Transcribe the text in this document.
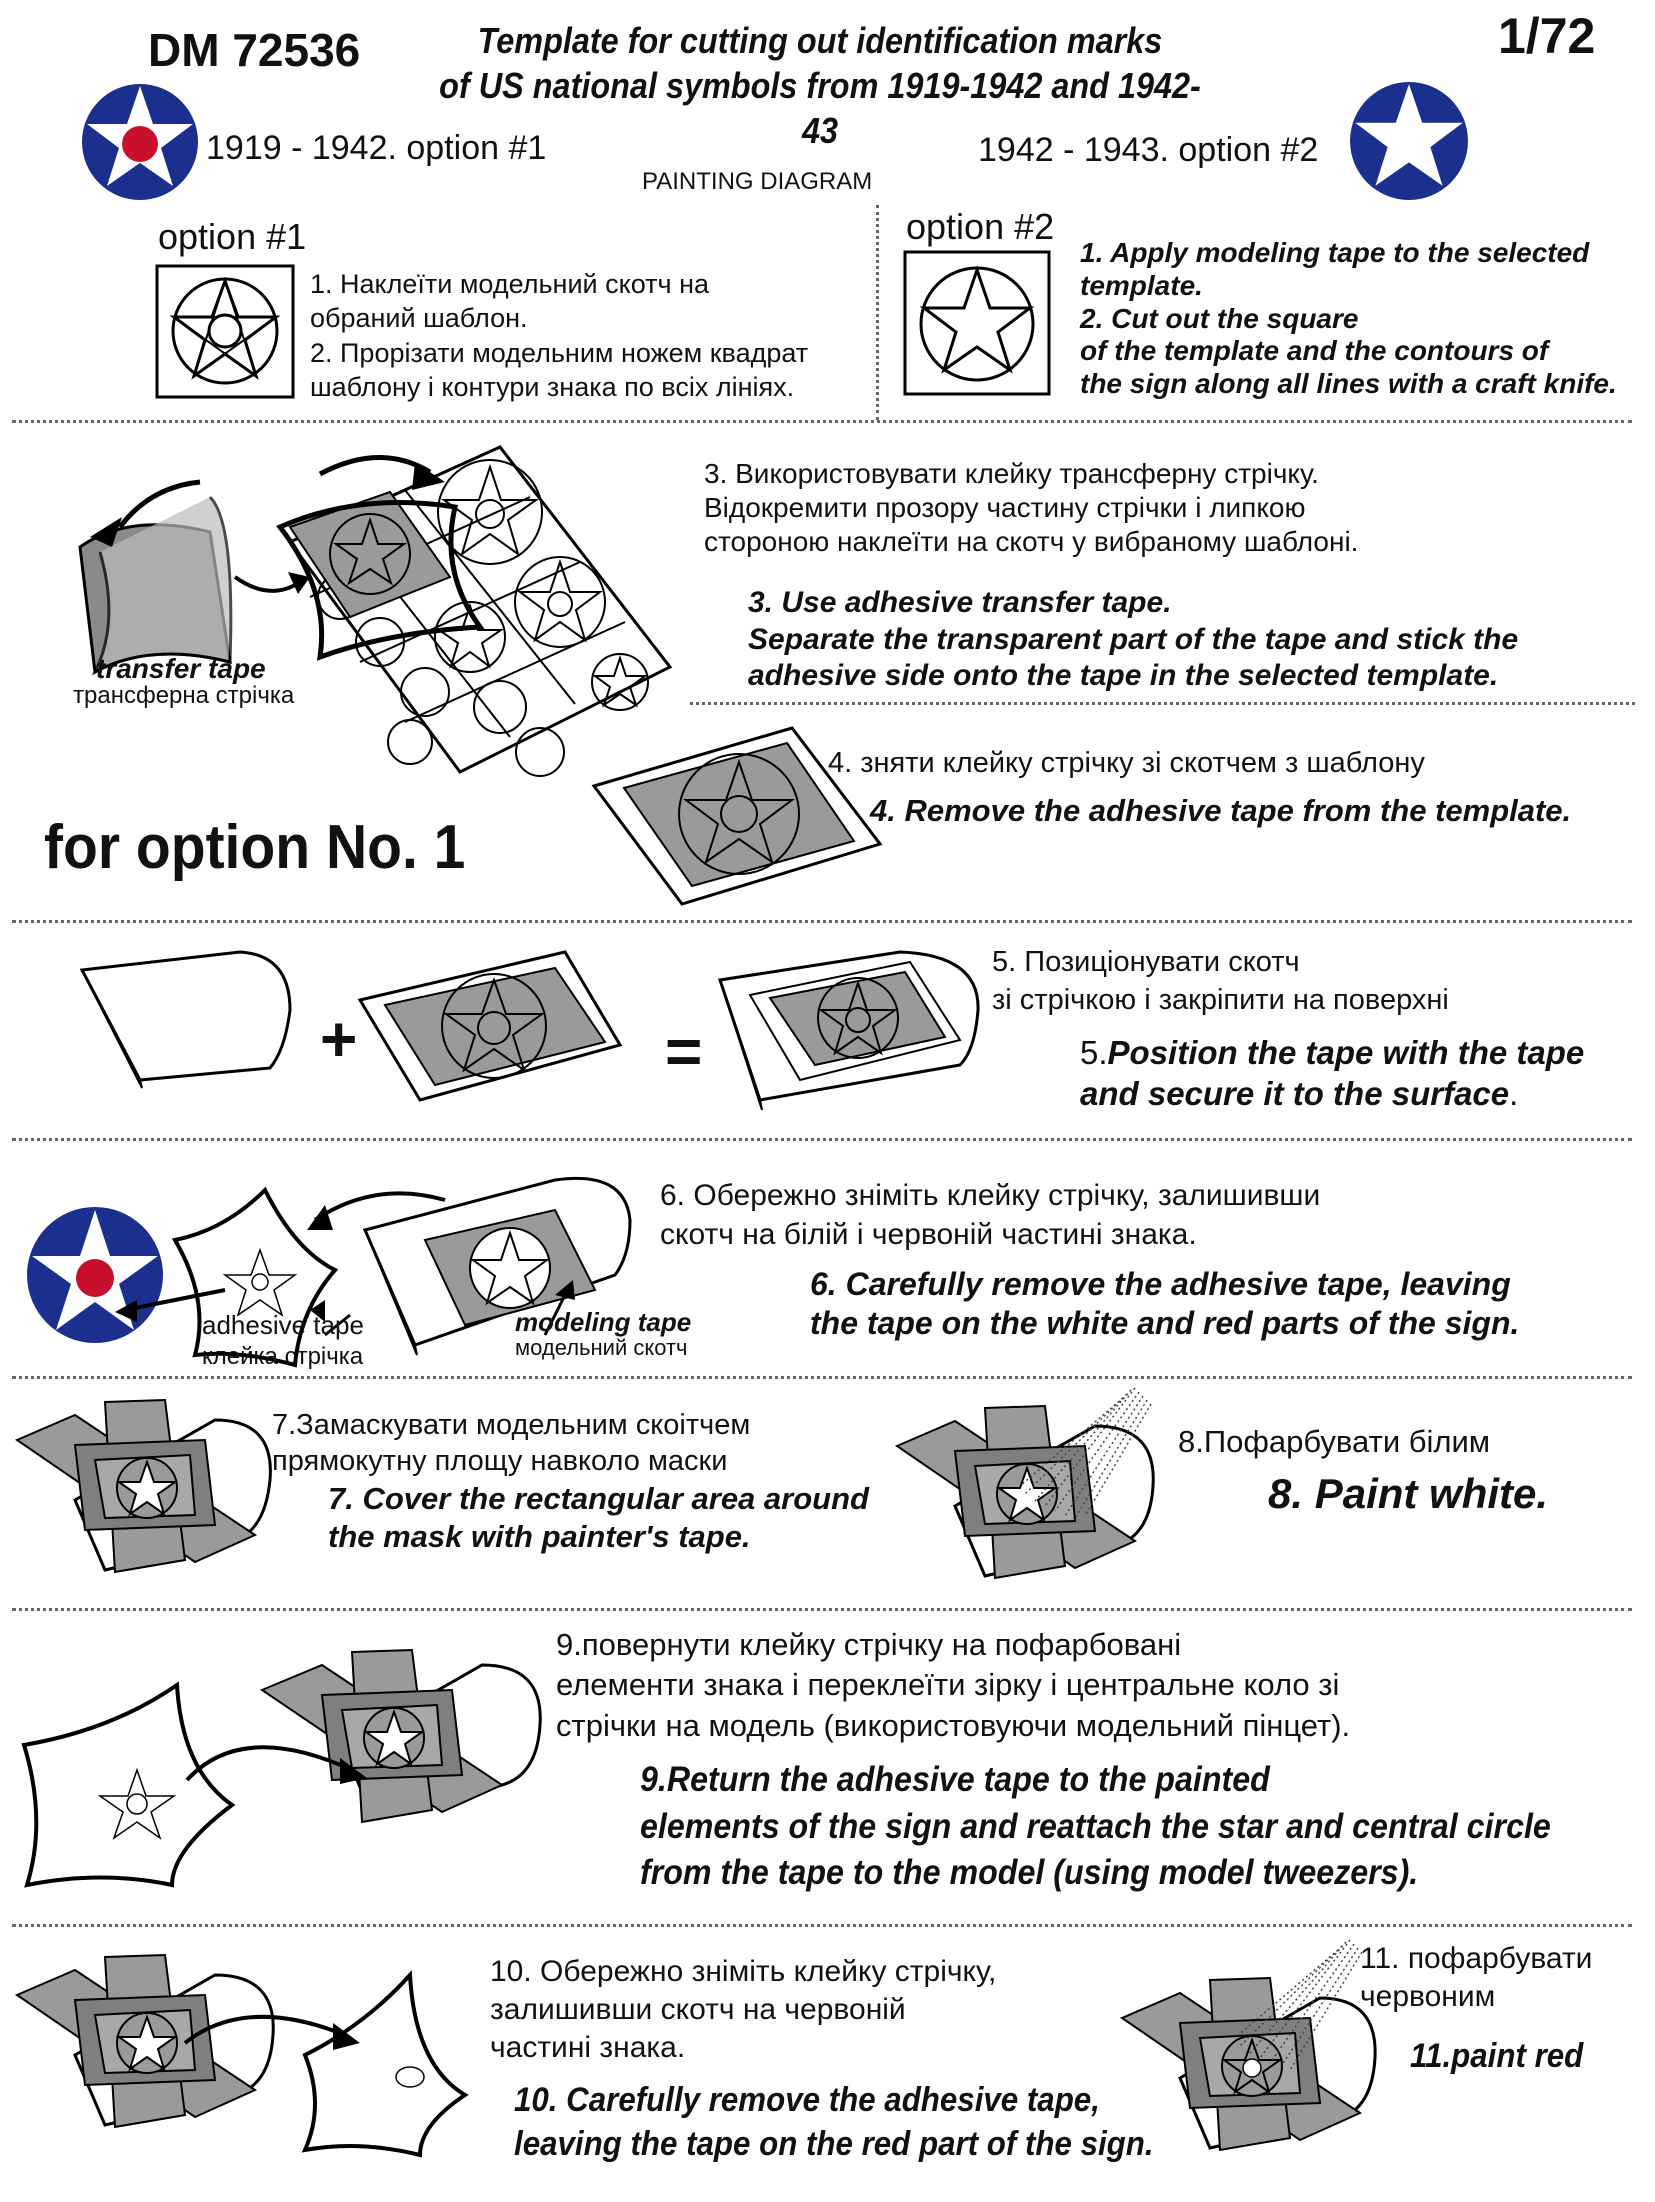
DM 72536	Template for cutting out identification marks
of US national symbols from 1919-1942 and 1942-43
1/72
1919 - 1942. option #1	1942 - 1943. option #2
PAINTING DIAGRAM
option #1
1. Наклеїти модельний скотч на
обраний шаблон.
2. Прорізати модельним ножем квадрат
шаблону і контури знака по всіх лініях.
option #2
1. Apply modeling tape to the selected
template.
2. Cut out the square
of the template and the contours of
the sign along all lines with a craft knife.
transfer tape
трансферна стрічка
3. Використовувати клейку трансферну стрічку.
Відокремити прозору частину стрічки і липкою
стороною наклеїти на скотч у вибраному шаблоні.
3. Use adhesive transfer tape.
Separate the transparent part of the tape and stick the
adhesive side onto the tape in the selected template.
4. зняти клейку стрічку зі скотчем з шаблону
4. Remove the adhesive tape from the template.
for option No. 1
+	=
5. Позиціонувати скотч
зі стрічкою і закріпити на поверхні
5.Position the tape with the tape
and secure it to the surface.
adhesive tape
клейка стрічка
modeling tape
модельний скотч
6. Обережно зніміть клейку стрічку, залишивши
скотч на білій і червоній частині знака.
6. Carefully remove the adhesive tape, leaving
the tape on the white and red parts of the sign.
7.Замаскувати модельним скоітчем
прямокутну площу навколо маски
7. Cover the rectangular area around
the mask with painter's tape.
8.Пофарбувати білим
8. Paint white.
9.повернути клейку стрічку на пофарбовані
елементи знака і переклеїти зірку і центральне коло зі
стрічки на модель (використовуючи модельний пінцет).
9.Return the adhesive tape to the painted
elements of the sign and reattach the star and central circle
from the tape to the model (using model tweezers).
10. Обережно зніміть клейку стрічку,
залишивши скотч на червоній
частині знака.
10. Carefully remove the adhesive tape,
leaving the tape on the red part of the sign.
11. пофарбувати
червоним
11.paint red
